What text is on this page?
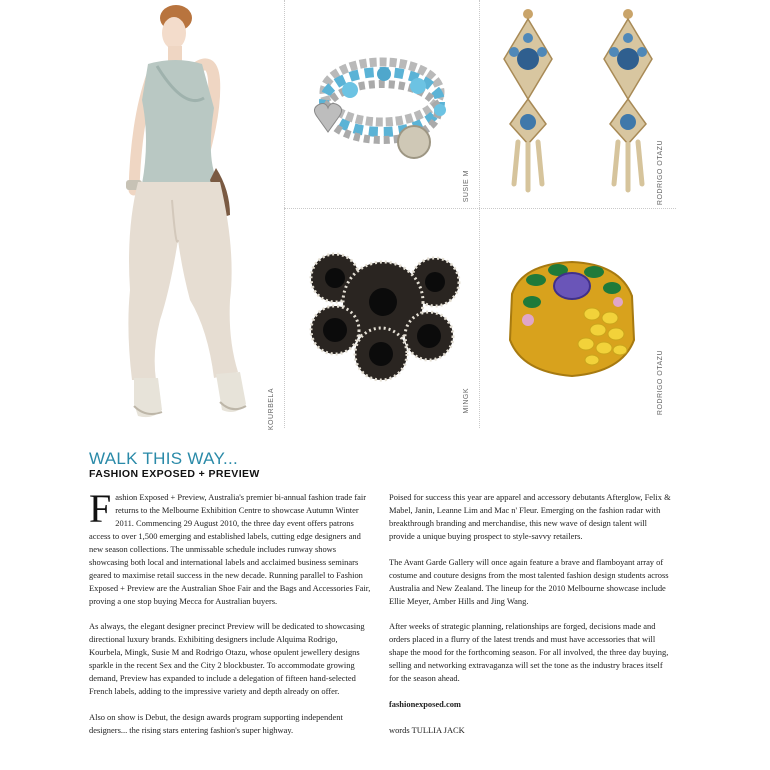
KOURBELA
SUSIE M	RODRIGO OTAZU
MINGK	RODRIGO OTAZU
WALK THIS WAY...
FASHION EXPOSED + PREVIEW

Fashion Exposed + Preview, Australia's premier bi-annual fashion trade fair returns to the Melbourne Exhibition Centre to showcase Autumn Winter 2011. Commencing 29 August 2010, the three day event offers patrons access to over 1,500 emerging and established labels, cutting edge designers and new season collections. The unmissable schedule includes runway shows showcasing both local and international labels and acclaimed business seminars geared to maximise retail success in the new decade. Running parallel to Fashion Exposed + Preview are the Australian Shoe Fair and the Bags and Accessories Fair, proving a one stop buying Mecca for Australian buyers.

As always, the elegant designer precinct Preview will be dedicated to showcasing directional luxury brands. Exhibiting designers include Alquima Rodrigo, Kourbela, Mingk, Susie M and Rodrigo Otazu, whose opulent jewellery designs sparkle in the recent Sex and the City 2 blockbuster. To accommodate growing demand, Preview has expanded to include a delegation of fifteen hand-selected French labels, adding to the impressive variety and depth already on offer.

Also on show is Debut, the design awards program supporting independent designers... the rising stars entering fashion's super highway.

Poised for success this year are apparel and accessory debutants Afterglow, Felix & Mabel, Janin, Leanne Lim and Mac n' Fleur. Emerging on the fashion radar with breakthrough branding and merchandise, this new wave of design talent will provide a unique buying prospect to style-savvy retailers.

The Avant Garde Gallery will once again feature a brave and flamboyant array of costume and couture designs from the most talented fashion design students across Australia and New Zealand. The lineup for the 2010 Melbourne showcase include Ellie Meyer, Amber Hills and Jing Wang.

After weeks of strategic planning, relationships are forged, decisions made and orders placed in a flurry of the latest trends and must have accessories that will shape the mood for the forthcoming season. For all involved, the three day buying, selling and networking extravaganza will set the tone as the industry braces itself for the season ahead.

fashionexposed.com

words TULLIA JACK
